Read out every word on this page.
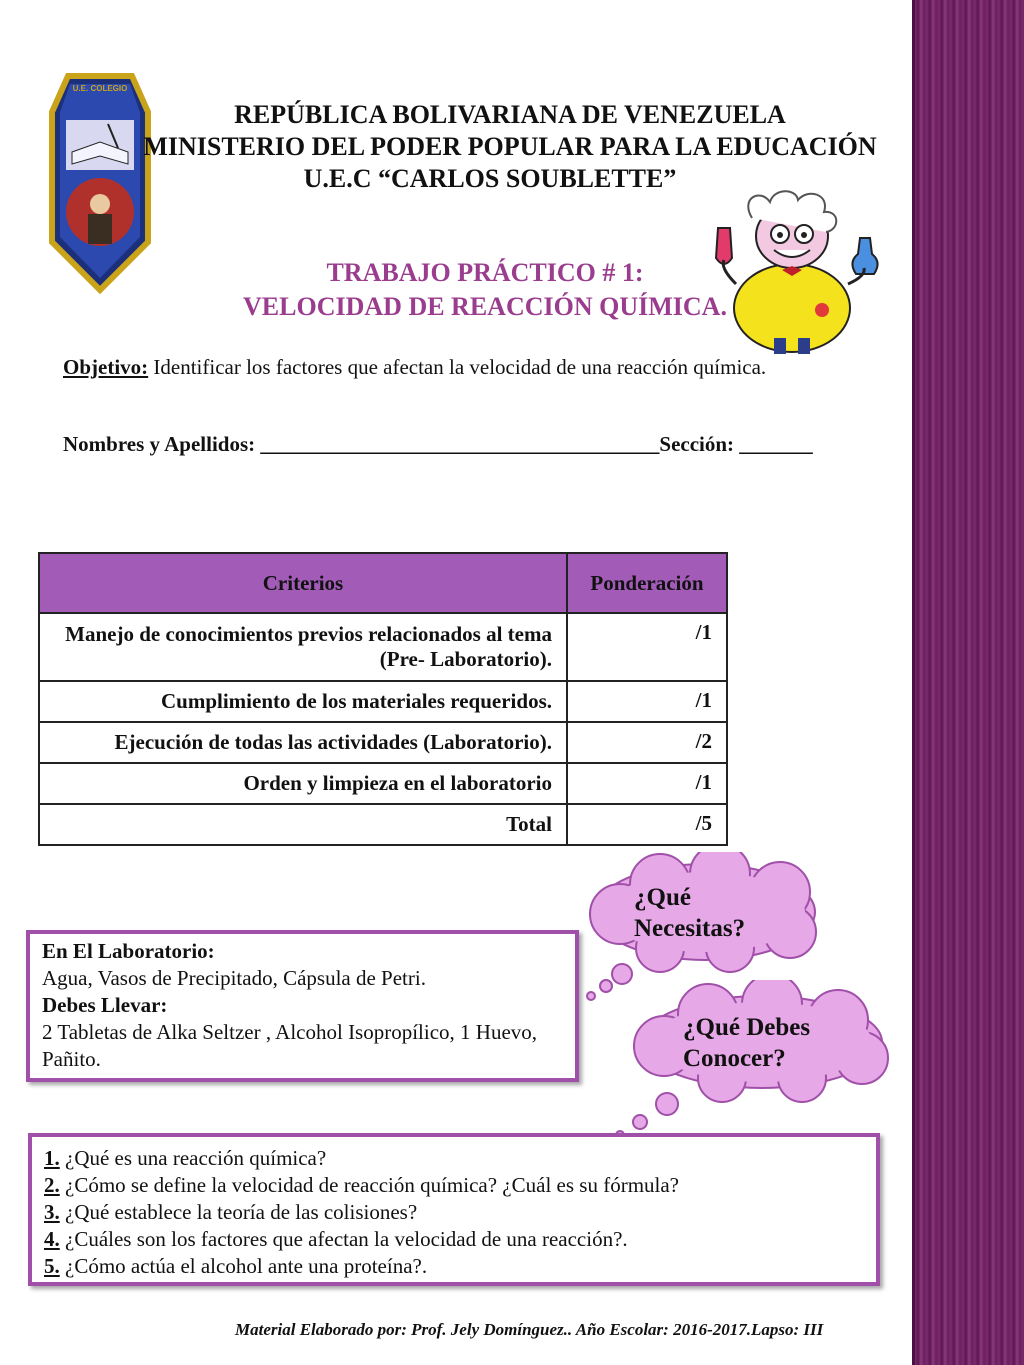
U.E. COLEGIO
REPÚBLICA BOLIVARIANA DE VENEZUELA
MINISTERIO DEL PODER POPULAR PARA LA EDUCACIÓN
U.E.C “CARLOS SOUBLETTE”
TRABAJO PRÁCTICO # 1:
VELOCIDAD DE REACCIÓN QUÍMICA.
Objetivo: Identificar los factores que afectan la velocidad de una reacción química.
Nombres y Apellidos: ______________________________________Sección: _______
Criterios	Ponderación
Manejo de conocimientos previos relacionados al tema (Pre- Laboratorio).	/1
Cumplimiento de los materiales requeridos.	/1
Ejecución de todas las actividades (Laboratorio).	/2
Orden y limpieza en el laboratorio	/1
Total	/5
¿Qué
Necesitas?
¿Qué Debes
Conocer?
En El Laboratorio:
Agua, Vasos de Precipitado, Cápsula de Petri.
Debes Llevar:
2 Tabletas de Alka Seltzer , Alcohol Isopropílico, 1 Huevo, Pañito.
1. ¿Qué es una reacción química?
2. ¿Cómo se define la velocidad de reacción química? ¿Cuál es su fórmula?
3. ¿Qué establece la teoría de las colisiones?
4. ¿Cuáles son los factores que afectan la velocidad de una reacción?.
5. ¿Cómo actúa el alcohol ante una proteína?.
Material Elaborado por: Prof. Jely Domínguez.. Año Escolar: 2016-2017.Lapso: III
